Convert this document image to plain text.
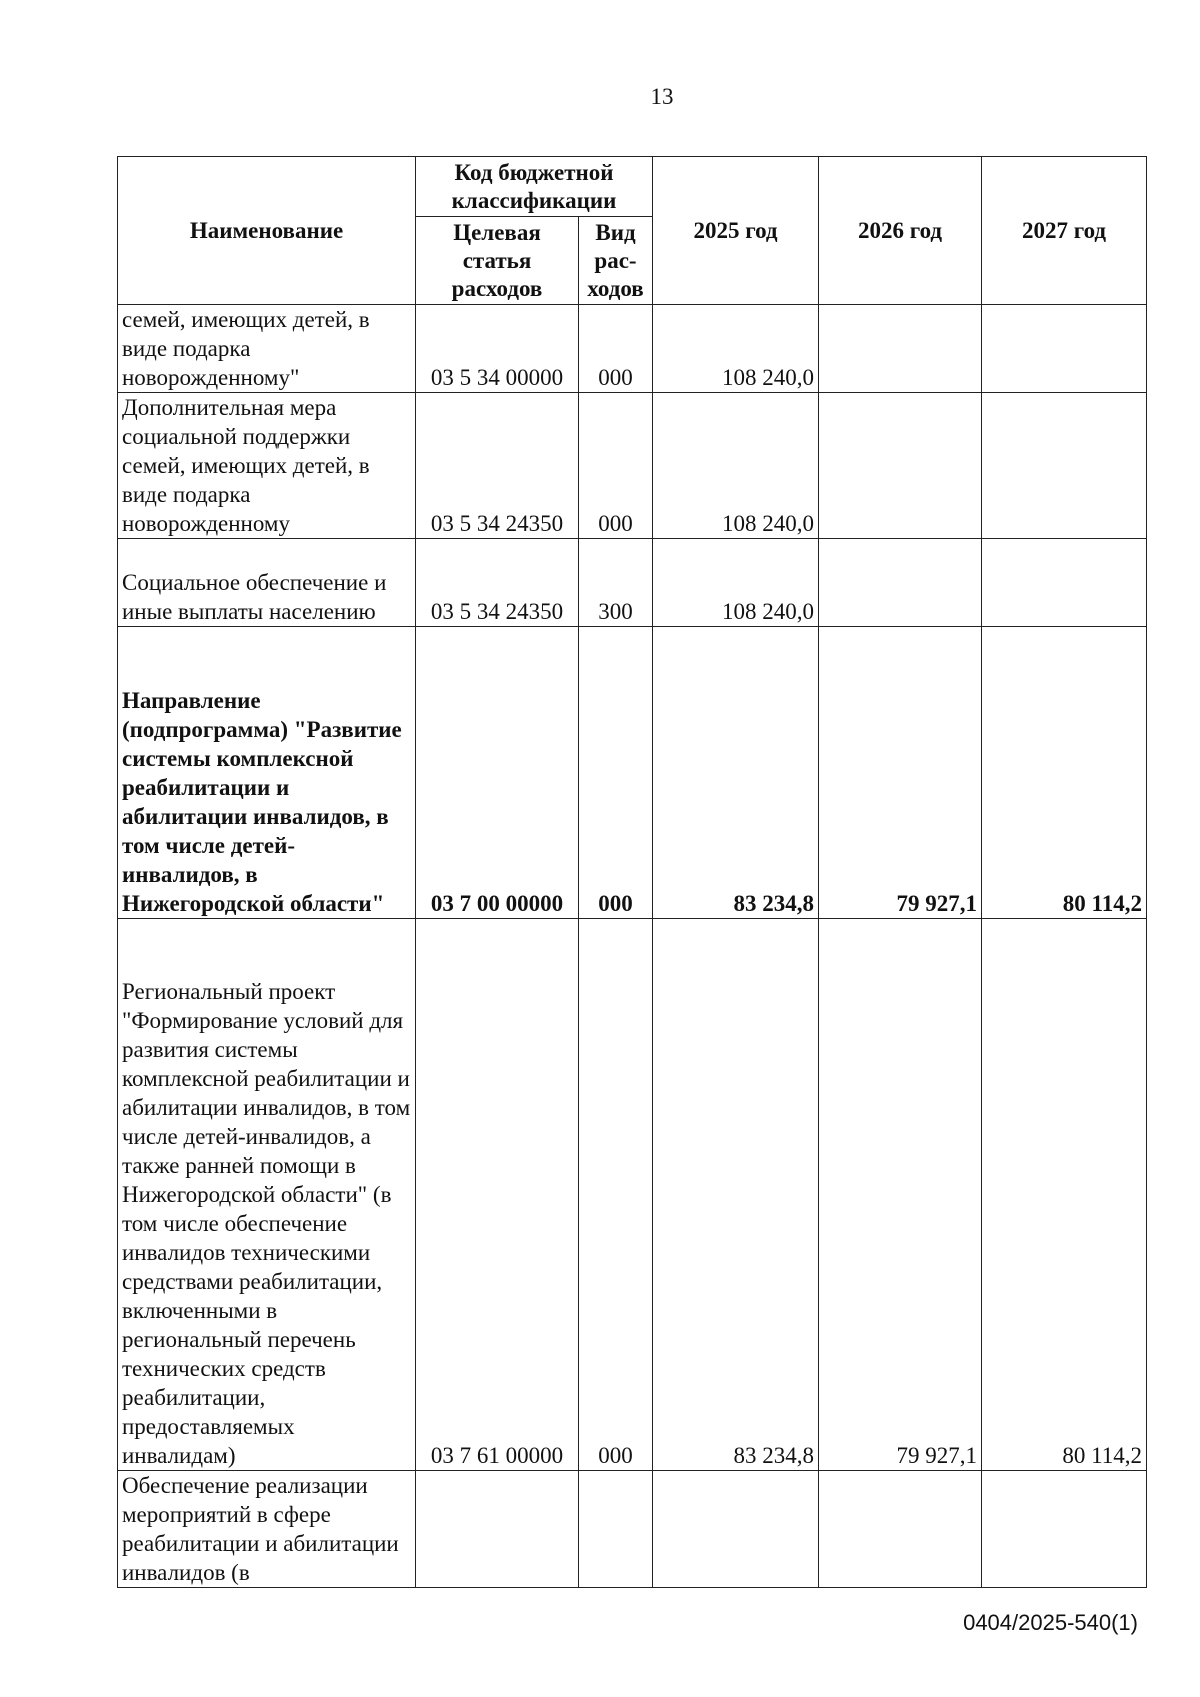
13
Наименование	Код бюджетной классификации		2025 год	2026 год	2027 год
	Целевая статья расходов	Вид рас-ходов			
семей, имеющих детей, в виде подарка новорожденному"	03 5 34 00000	000	108 240,0		
Дополнительная мера социальной поддержки семей, имеющих детей, в виде подарка новорожденному	03 5 34 24350	000	108 240,0		
Социальное обеспечение и иные выплаты населению	03 5 34 24350	300	108 240,0		
Направление (подпрограмма) "Развитие системы комплексной реабилитации и абилитации инвалидов, в том числе детей-инвалидов, в Нижегородской области"	03 7 00 00000	000	83 234,8	79 927,1	80 114,2
Региональный проект "Формирование условий для развития системы комплексной реабилитации и абилитации инвалидов, в том числе детей-инвалидов, а также ранней помощи в Нижегородской области" (в том числе обеспечение инвалидов техническими средствами реабилитации, включенными в региональный перечень технических средств реабилитации, предоставляемых инвалидам)	03 7 61 00000	000	83 234,8	79 927,1	80 114,2
Обеспечение реализации мероприятий в сфере реабилитации и абилитации инвалидов (в					
0404/2025-540(1)
